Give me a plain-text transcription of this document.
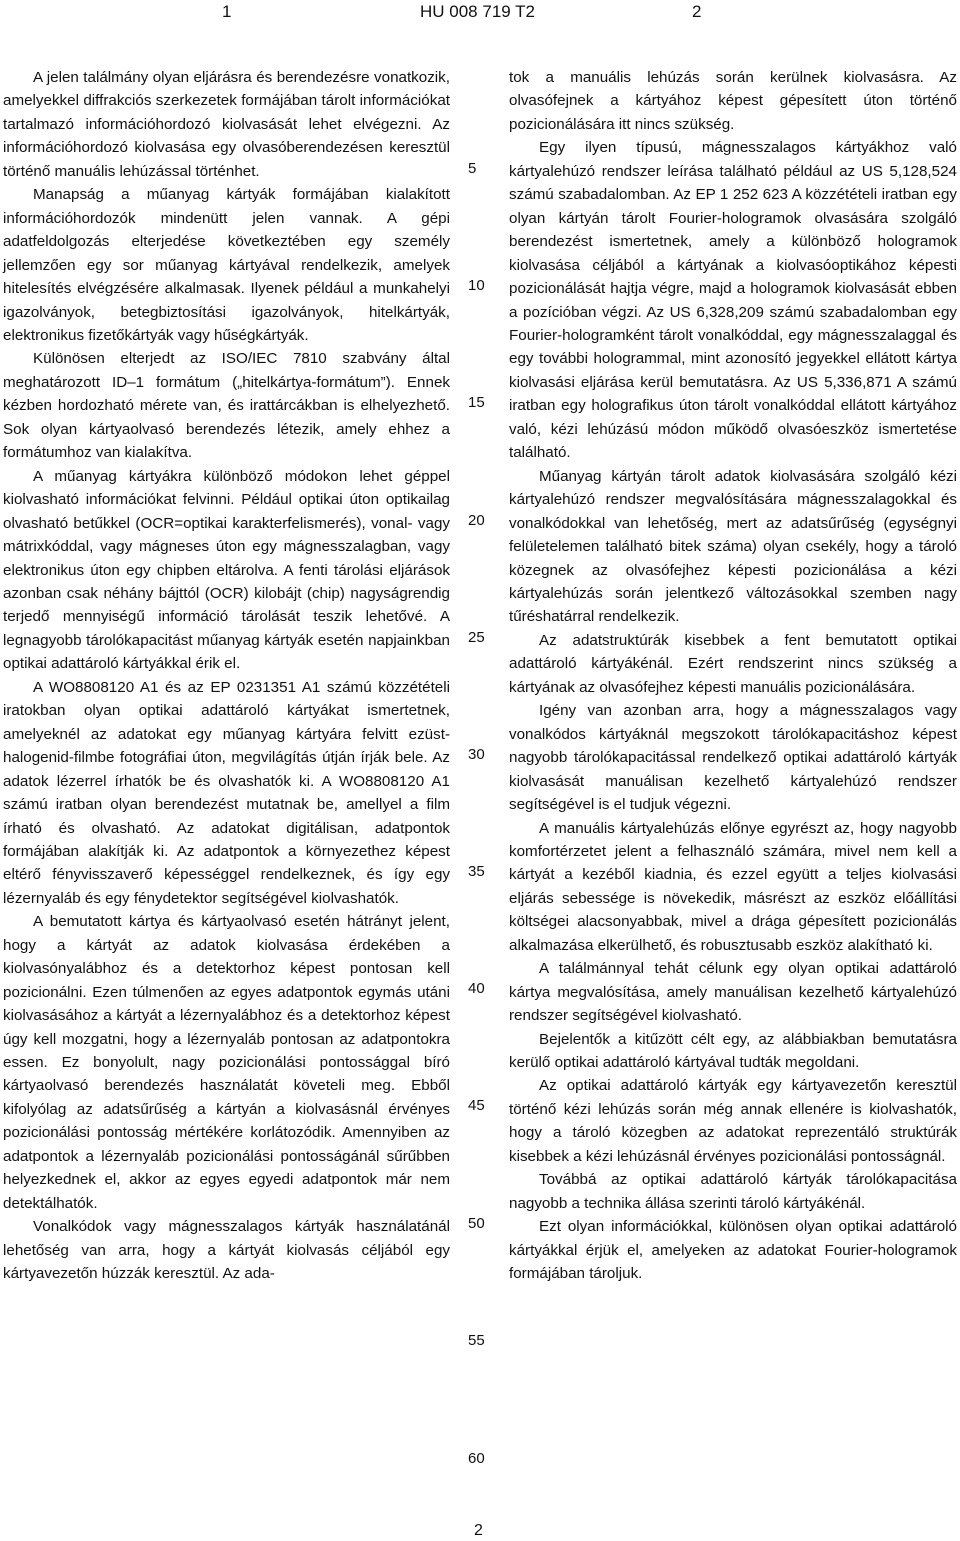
1	HU 008 719 T2	2

A jelen találmány olyan eljárásra és berendezésre vonatkozik, amelyekkel diffrakciós szerkezetek formájában tárolt információkat tartalmazó információhordozó kiolvasását lehet elvégezni. Az információhordozó kiolvasása egy olvasóberendezésen keresztül történő manuális lehúzással történhet.

Manapság a műanyag kártyák formájában kialakított információhordozók mindenütt jelen vannak. A gépi adatfeldolgozás elterjedése következtében egy személy jellemzően egy sor műanyag kártyával rendelkezik, amelyek hitelesítés elvégzésére alkalmasak. Ilyenek például a munkahelyi igazolványok, betegbiztosítási igazolványok, hitelkártyák, elektronikus fizetőkártyák vagy hűségkártyák.

Különösen elterjedt az ISO/IEC 7810 szabvány által meghatározott ID–1 formátum („hitelkártya-formátum”). Ennek kézben hordozható mérete van, és irattárcákban is elhelyezhető. Sok olyan kártyaolvasó berendezés létezik, amely ehhez a formátumhoz van kialakítva.

A műanyag kártyákra különböző módokon lehet géppel kiolvasható információkat felvinni. Például optikai úton optikailag olvasható betűkkel (OCR=optikai karakterfelismerés), vonal- vagy mátrixkóddal, vagy mágneses úton egy mágnesszalagban, vagy elektronikus úton egy chipben eltárolva. A fenti tárolási eljárások azonban csak néhány bájttól (OCR) kilobájt (chip) nagyságrendig terjedő mennyiségű információ tárolását teszik lehetővé. A legnagyobb tárolókapacitást műanyag kártyák esetén napjainkban optikai adattároló kártyákkal érik el.

A WO8808120 A1 és az EP 0231351 A1 számú közzétételi iratokban olyan optikai adattároló kártyákat ismertetnek, amelyeknél az adatokat egy műanyag kártyára felvitt ezüst-halogenid-filmbe fotográfiai úton, megvilágítás útján írják bele. Az adatok lézerrel írhatók be és olvashatók ki. A WO8808120 A1 számú iratban olyan berendezést mutatnak be, amellyel a film írható és olvasható. Az adatokat digitálisan, adatpontok formájában alakítják ki. Az adatpontok a környezethez képest eltérő fényvisszaverő képességgel rendelkeznek, és így egy lézernyaláb és egy fénydetektor segítségével kiolvashatók.

A bemutatott kártya és kártyaolvasó esetén hátrányt jelent, hogy a kártyát az adatok kiolvasása érdekében a kiolvasónyalábhoz és a detektorhoz képest pontosan kell pozicionálni. Ezen túlmenően az egyes adatpontok egymás utáni kiolvasásához a kártyát a lézernyalábhoz és a detektorhoz képest úgy kell mozgatni, hogy a lézernyaláb pontosan az adatpontokra essen. Ez bonyolult, nagy pozicionálási pontossággal bíró kártyaolvasó berendezés használatát követeli meg. Ebből kifolyólag az adatsűrűség a kártyán a kiolvasásnál érvényes pozicionálási pontosság mértékére korlátozódik. Amennyiben az adatpontok a lézernyaláb pozicionálási pontosságánál sűrűbben helyezkednek el, akkor az egyes egyedi adatpontok már nem detektálhatók.

Vonalkódok vagy mágnesszalagos kártyák használatánál lehetőség van arra, hogy a kártyát kiolvasás céljából egy kártyavezetőn húzzák keresztül. Az ada-

5
10
15
20
25
30
35
40
45
50
55
60

tok a manuális lehúzás során kerülnek kiolvasásra. Az olvasófejnek a kártyához képest gépesített úton történő pozicionálására itt nincs szükség.

Egy ilyen típusú, mágnesszalagos kártyákhoz való kártyalehúzó rendszer leírása található például az US 5,128,524 számú szabadalomban. Az EP 1 252 623 A közzétételi iratban egy olyan kártyán tárolt Fourier-hologramok olvasására szolgáló berendezést ismertetnek, amely a különböző hologramok kiolvasása céljából a kártyának a kiolvasóoptikához képesti pozicionálását hajtja végre, majd a hologramok kiolvasását ebben a pozícióban végzi. Az US 6,328,209 számú szabadalomban egy Fourier-hologramként tárolt vonalkóddal, egy mágnesszalaggal és egy további hologrammal, mint azonosító jegyekkel ellátott kártya kiolvasási eljárása kerül bemutatásra. Az US 5,336,871 A számú iratban egy holografikus úton tárolt vonalkóddal ellátott kártyához való, kézi lehúzású módon működő olvasóeszköz ismertetése található.

Műanyag kártyán tárolt adatok kiolvasására szolgáló kézi kártyalehúzó rendszer megvalósítására mágnesszalagokkal és vonalkódokkal van lehetőség, mert az adatsűrűség (egységnyi felületelemen található bitek száma) olyan csekély, hogy a tároló közegnek az olvasófejhez képesti pozicionálása a kézi kártyalehúzás során jelentkező változásokkal szemben nagy tűréshatárral rendelkezik.

Az adatstruktúrák kisebbek a fent bemutatott optikai adattároló kártyákénál. Ezért rendszerint nincs szükség a kártyának az olvasófejhez képesti manuális pozicionálására.

Igény van azonban arra, hogy a mágnesszalagos vagy vonalkódos kártyáknál megszokott tárolókapacitáshoz képest nagyobb tárolókapacitással rendelkező optikai adattároló kártyák kiolvasását manuálisan kezelhető kártyalehúzó rendszer segítségével is el tudjuk végezni.

A manuális kártyalehúzás előnye egyrészt az, hogy nagyobb komfortérzetet jelent a felhasználó számára, mivel nem kell a kártyát a kezéből kiadnia, és ezzel együtt a teljes kiolvasási eljárás sebessége is növekedik, másrészt az eszköz előállítási költségei alacsonyabbak, mivel a drága gépesített pozicionálás alkalmazása elkerülhető, és robusztusabb eszköz alakítható ki.

A találmánnyal tehát célunk egy olyan optikai adattároló kártya megvalósítása, amely manuálisan kezelhető kártyalehúzó rendszer segítségével kiolvasható.

Bejelentők a kitűzött célt egy, az alábbiakban bemutatásra kerülő optikai adattároló kártyával tudták megoldani.

Az optikai adattároló kártyák egy kártyavezetőn keresztül történő kézi lehúzás során még annak ellenére is kiolvashatók, hogy a tároló közegben az adatokat reprezentáló struktúrák kisebbek a kézi lehúzásnál érvényes pozicionálási pontosságnál.

Továbbá az optikai adattároló kártyák tárolókapacitása nagyobb a technika állása szerinti tároló kártyákénál.

Ezt olyan információkkal, különösen olyan optikai adattároló kártyákkal érjük el, amelyeken az adatokat Fourier-hologramok formájában tároljuk.

2
